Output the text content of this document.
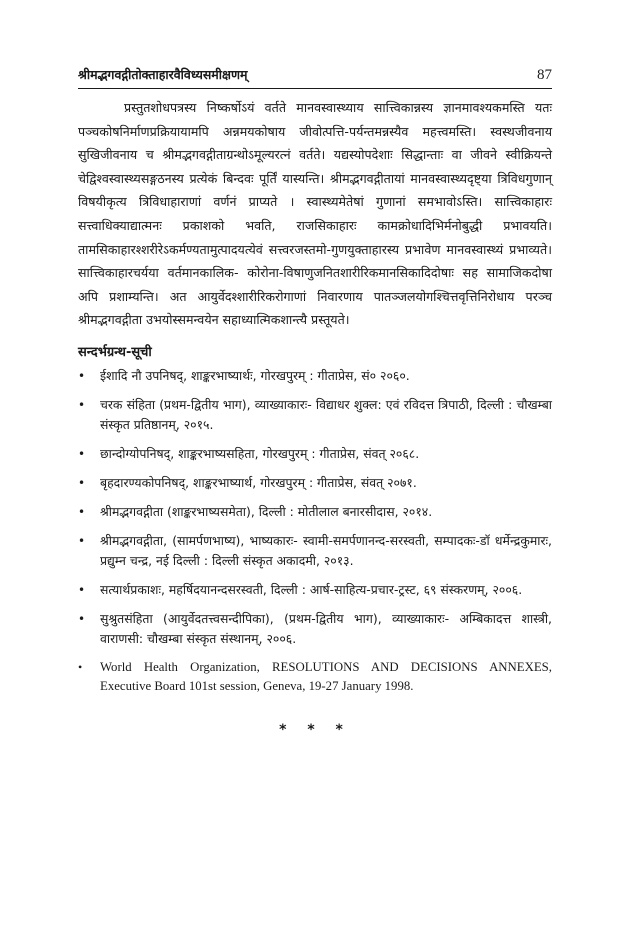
श्रीमद्भगवद्गीतोक्ताहारवैविध्यसमीक्षणम्	87

प्रस्तुतशोधपत्रस्य निष्कर्षोऽयं वर्तते मानवस्वास्थ्याय सात्त्विकान्नस्य ज्ञानमावश्यकमस्ति यतः पञ्चकोषनिर्माणप्रक्रियायामपि अन्नमयकोषाय जीवोत्पत्ति-पर्यन्तमन्नस्यैव महत्त्वमस्ति। स्वस्थजीवनाय सुखिजीवनाय च श्रीमद्भगवद्गीताग्रन्थोऽमूल्यरत्नं वर्तते। यद्यस्योपदेशाः सिद्धान्ताः वा जीवने स्वीक्रियन्ते चेद्विश्वस्वास्थ्यसङ्गठनस्य प्रत्येकं बिन्दवः पूर्तिं यास्यन्ति। श्रीमद्भगवद्गीतायां मानवस्वास्थ्यदृष्ट्या त्रिविधगुणान् विषयीकृत्य त्रिविधाहाराणां वर्णनं प्राप्यते । स्वास्थ्यमेतेषां गुणानां समभावोऽस्ति। सात्त्विकाहारः सत्त्वाधिक्याद्यात्मनः प्रकाशको भवति, राजसिकाहारः कामक्रोधादिभिर्मनोबुद्धी प्रभावयति। तामसिकाहारश्शरीरेऽकर्मण्यतामुत्पादयत्येवं सत्त्वरजस्तमो-गुणयुक्ताहारस्य प्रभावेण मानवस्वास्थ्यं प्रभाव्यते। सात्त्विकाहारचर्यया वर्तमानकालिक- कोरोना-विषाणुजनितशारीरिकमानसिकादिदोषाः सह सामाजिकदोषा अपि प्रशाम्यन्ति। अत आयुर्वेदश्शारीरिकरोगाणां निवारणाय पातञ्जलयोगश्चित्तवृत्तिनिरोधाय परञ्च श्रीमद्भगवद्गीता उभयोस्समन्वयेन सहाध्यात्मिकशान्त्यै प्रस्तूयते।

सन्दर्भग्रन्थ-सूची
• ईशादि नौ उपनिषद्, शाङ्करभाष्यार्थः, गोरखपुरम् : गीताप्रेस, सं० २०६०.
• चरक संहिता (प्रथम-द्वितीय भाग), व्याख्याकारः- विद्याधर शुक्ल: एवं रविदत्त त्रिपाठी, दिल्ली : चौखम्बा संस्कृत प्रतिष्ठानम्, २०१५.
• छान्दोग्योपनिषद्, शाङ्करभाष्यसहिता, गोरखपुरम् : गीताप्रेस, संवत् २०६८.
• बृहदारण्यकोपनिषद्, शाङ्करभाष्यार्थ, गोरखपुरम् : गीताप्रेस, संवत् २०७१.
• श्रीमद्भगवद्गीता (शाङ्करभाष्यसमेता), दिल्ली : मोतीलाल बनारसीदास, २०१४.
• श्रीमद्भगवद्गीता, (सामर्पणभाष्य), भाष्यकारः- स्वामी-समर्पणानन्द-सरस्वती, सम्पादकः-डॉ धर्मेन्द्रकुमारः, प्रद्युम्न चन्द्र, नई दिल्ली : दिल्ली संस्कृत अकादमी, २०१३.
• सत्यार्थप्रकाशः, महर्षिदयानन्दसरस्वती, दिल्ली : आर्ष-साहित्य-प्रचार-ट्रस्ट, ६९ संस्करणम्, २००६.
• सुश्रुतसंहिता (आयुर्वेदतत्त्वसन्दीपिका), (प्रथम-द्वितीय भाग), व्याख्याकारः- अम्बिकादत्त शास्त्री, वाराणसी: चौखम्बा संस्कृत संस्थानम्, २००६.
• World Health Organization, RESOLUTIONS AND DECISIONS ANNEXES, Executive Board 101st session, Geneva, 19-27 January 1998.
* * *
